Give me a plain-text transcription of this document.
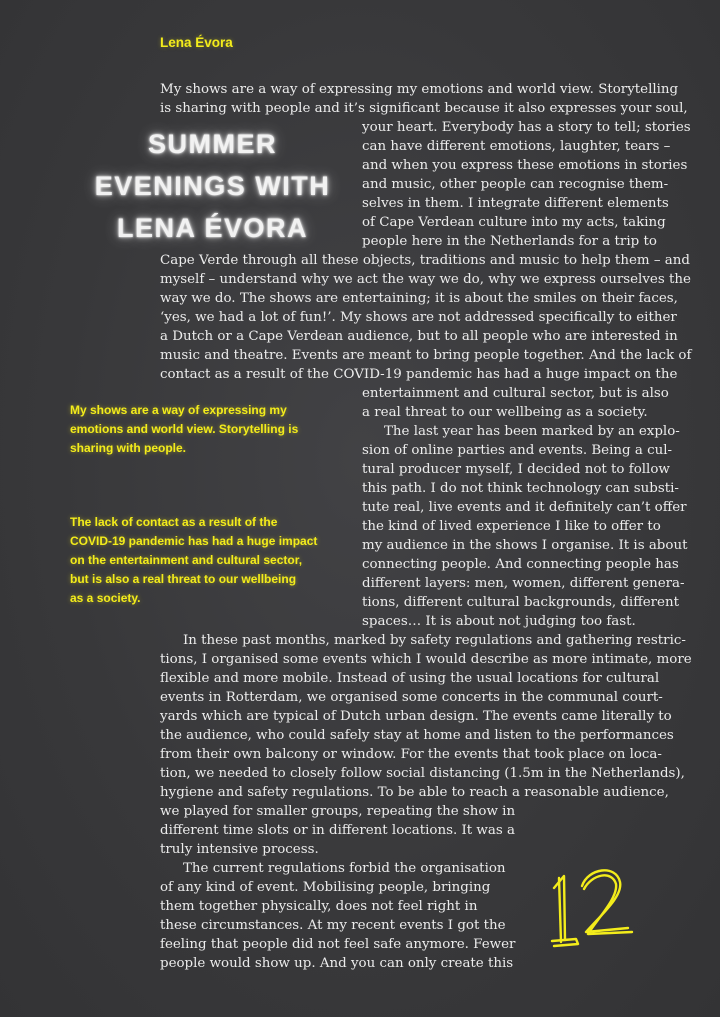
Lena Évora
SUMMER
EVENINGS WITH
LENA ÉVORA
My shows are a way of expressing my emotions and world view. Storytelling
is sharing with people and it’s significant because it also expresses your soul,
your heart. Everybody has a story to tell; stories
can have different emotions, laughter, tears –
and when you express these emotions in stories
and music, other people can recognise them-
selves in them. I integrate different elements
of Cape Verdean culture into my acts, taking
people here in the Netherlands for a trip to
Cape Verde through all these objects, traditions and music to help them – and
myself – understand why we act the way we do, why we express ourselves the
way we do. The shows are entertaining; it is about the smiles on their faces,
‘yes, we had a lot of fun!’. My shows are not addressed specifically to either
a Dutch or a Cape Verdean audience, but to all people who are interested in
music and theatre. Events are meant to bring people together. And the lack of
contact as a result of the COVID-19 pandemic has had a huge impact on the
entertainment and cultural sector, but is also
a real threat to our wellbeing as a society.
The last year has been marked by an explo-
sion of online parties and events. Being a cul-
tural producer myself, I decided not to follow
this path. I do not think technology can substi-
tute real, live events and it definitely can’t offer
the kind of lived experience I like to offer to
my audience in the shows I organise. It is about
connecting people. And connecting people has
different layers: men, women, different genera-
tions, different cultural backgrounds, different
spaces… It is about not judging too fast.
In these past months, marked by safety regulations and gathering restric-
tions, I organised some events which I would describe as more intimate, more
flexible and more mobile. Instead of using the usual locations for cultural
events in Rotterdam, we organised some concerts in the communal court-
yards which are typical of Dutch urban design. The events came literally to
the audience, who could safely stay at home and listen to the performances
from their own balcony or window. For the events that took place on loca-
tion, we needed to closely follow social distancing (1.5m in the Netherlands),
hygiene and safety regulations. To be able to reach a reasonable audience,
we played for smaller groups, repeating the show in
different time slots or in different locations. It was a
truly intensive process.
The current regulations forbid the organisation
of any kind of event. Mobilising people, bringing
them together physically, does not feel right in
these circumstances. At my recent events I got the
feeling that people did not feel safe anymore. Fewer
people would show up. And you can only create this
My shows are a way of expressing my
emotions and world view. Storytelling is
sharing with people.
The lack of contact as a result of the
COVID-19 pandemic has had a huge impact
on the entertainment and cultural sector,
but is also a real threat to our wellbeing
as a society.
